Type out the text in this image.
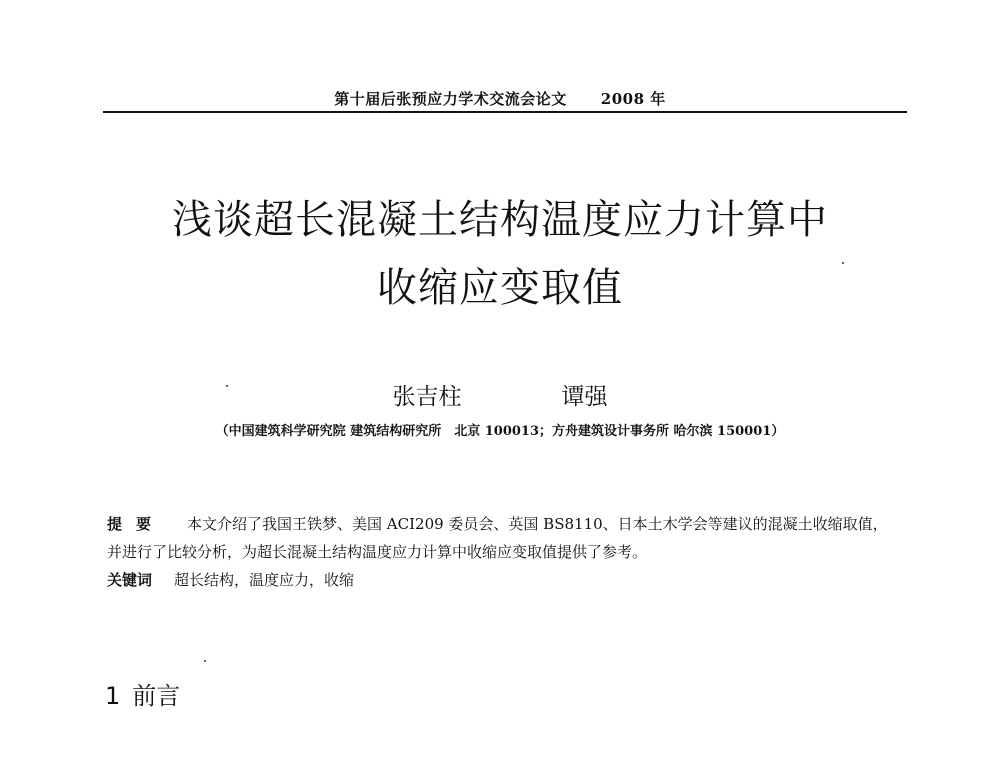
第十届后张预应力学术交流会论文 2008 年
浅谈超长混凝土结构温度应力计算中
收缩应变取值
张吉柱	谭强
（中国建筑科学研究院 建筑结构研究所　北京 100013；方舟建筑设计事务所 哈尔滨 150001）
提要 本文介绍了我国王铁梦、美国 ACI209 委员会、英国 BS8110、日本土木学会等建议的混凝土收缩取值，并进行了比较分析，为超长混凝土结构温度应力计算中收缩应变取值提供了参考。
关键词 超长结构，温度应力，收缩
1 前言
